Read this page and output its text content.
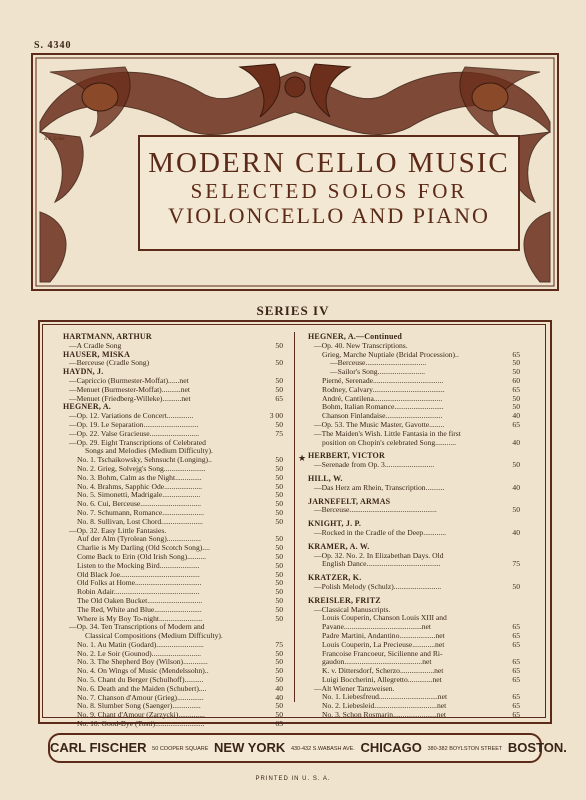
S. 4340
A.J. Ecker
MODERN CELLO MUSIC
SELECTED SOLOS FOR
VIOLONCELLO AND PIANO
SERIES IV
HARTMANN, ARTHUR
—A Cradle Song	50
HAUSER, MISKA
—Berceuse (Cradle Song)	50
HAYDN, J.
—Capriccio (Burmester-Moffat)......net	50
—Menuet (Burmester-Moffat)..........net	50
—Menuet (Friedberg-Willeke)..........net	65
HEGNER, A.
—Op. 12. Variations de Concert..............	3 00
—Op. 19. Le Separation.............................	50
—Op. 22. Valse Gracieuse..........................	75
—Op. 29. Eight Transcriptions of Celebrated
Songs and Melodies (Medium Difficulty).
No. 1. Tschaikowsky, Sehnsucht (Longing)..	50
No. 2. Grieg, Solvejg's Song......................	50
No. 3. Bohm, Calm as the Night..............	50
No. 4. Brahms, Sapphic Ode....................	50
No. 5. Simonetti, Madrigale....................	50
No. 6. Cui, Berceuse................................	50
No. 7. Schumann, Romance......................	50
No. 8. Sullivan, Lost Chord......................	50
—Op. 32. Easy Little Fantasies.
Auf der Alm (Tyrolean Song)..................	50
Charlie is My Darling (Old Scotch Song)....	50
Come Back to Erin (Old Irish Song)..........	50
Listen to the Mocking Bird.....................	50
Old Black Joe..........................................	50
Old Folks at Home...................................	50
Robin Adair.............................................	50
The Old Oaken Bucket.............................	50
The Red, White and Blue.........................	50
Where is My Boy To-night.......................	50
—Op. 34. Ten Transcriptions of Modern and
Classical Compositions (Medium Difficulty).
No. 1. Au Matin (Godard).........................	75
No. 2. Le Soir (Gounod)..........................	50
No. 3. The Shepherd Boy (Wilson).............	50
No. 4. On Wings of Music (Mendelssohn)..	50
No. 5. Chant du Berger (Schulhoff)..........	50
No. 6. Death and the Maiden (Schubert)....	40
No. 7. Chanson d'Amour (Grieg)..............	40
No. 8. Slumber Song (Saenger)...............	50
No. 9. Chant d'Amour (Zarzycki)..............	50
No. 10. Good-Bye (Tosti)..........................	65
HEGNER, A.—Continued
—Op. 40. New Transcriptions.
Grieg, Marche Nuptiale (Bridal Procession)..	65
—Berceuse................................	50
—Sailor's Song.........................	50
Pierné, Serenade.....................................	60
Rodney, Calvary......................................	65
André, Cantilena....................................	50
Bohm, Italian Romance..........................	50
Chanson Finlandaise..............................	40
—Op. 53. The Music Master, Gavotte........	65
—The Maiden's Wish. Little Fantasia in the first
position on Chopin's celebrated Song...........	40
HERBERT, VICTOR
—Serenade from Op. 3..........................	50
HILL, W.
—Das Herz am Rhein, Transcription..........	40
JARNEFELT, ARMAS
—Berceuse..............................................	50
KNIGHT, J. P.
—Rocked in the Cradle of the Deep............	40
KRAMER, A. W.
—Op. 32. No. 2. In Elizabethan Days. Old
English Dance.......................................	75
KRATZER, K.
—Polish Melody (Schulz).........................	50
KREISLER, FRITZ
—Classical Manuscripts.
Louis Couperin, Chanson Louis XIII and
Pavane.........................................net	65
Padre Martini, Andantino...................net	65
Louis Couperin, La Precieuse............net	65
Francoise Francoeur, Sicilienne and Ri-
gaudon.........................................net	65
K. v. Dittersdorf, Scherzo..................net	65
Luigi Boccherini, Allegretto.............net	65
—Alt Wiener Tanzweisen.
No. 1. Liebesfreud...............................net	65
No. 2. Liebesleid.................................net	65
No. 3. Schon Rosmarin.......................net	65
★
CARL FISCHER 50 COOPER SQUARE NEW YORK 430-432 S.WABASH AVE. CHICAGO 380-382 BOYLSTON STREET BOSTON.
PRINTED IN U. S. A.
